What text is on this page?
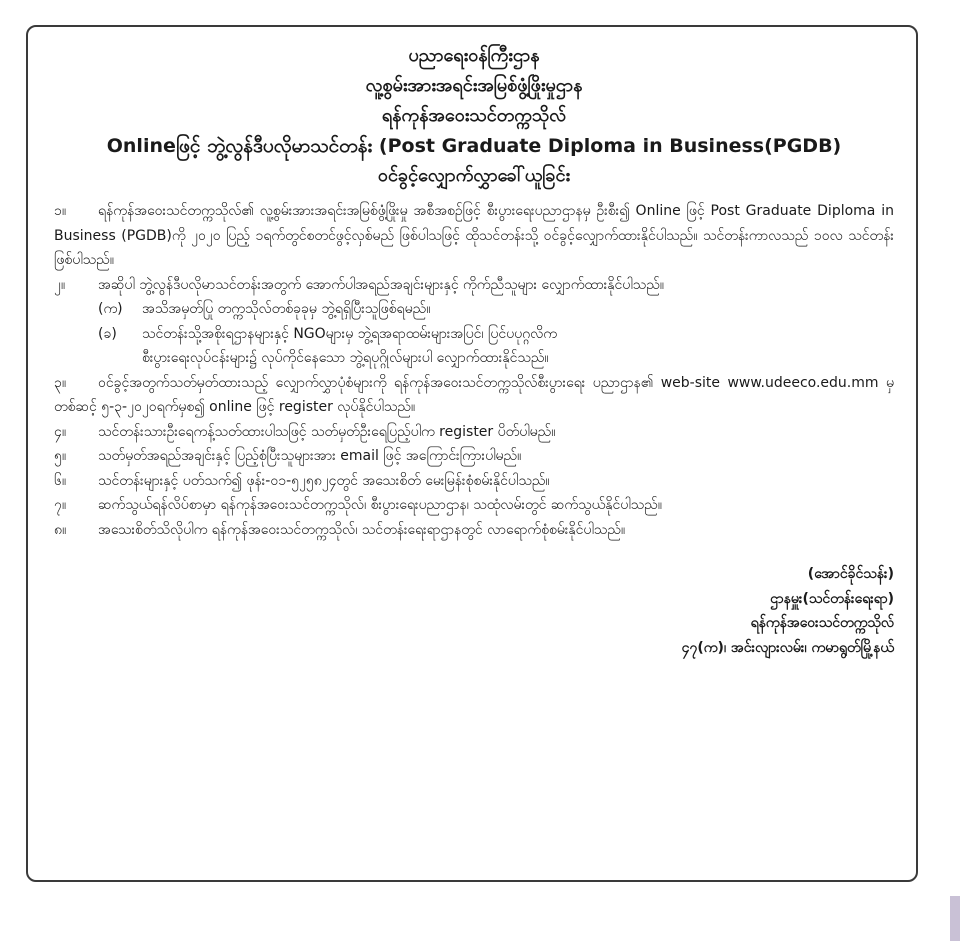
ပညာရေးဝန်ကြီးဌာန
လူ့စွမ်းအားအရင်းအမြစ်ဖွံ့ဖြိုးမှုဌာန
ရန်ကုန်အဝေးသင်တက္ကသိုလ်
Onlineဖြင့် ဘွဲ့လွန်ဒီပလိုမာသင်တန်း (Post Graduate Diploma in Business(PGDB)
ဝင်ခွင့်လျှောက်လွှာခေါ်ယူခြင်း
၁။ ရန်ကုန်အဝေးသင်တက္ကသိုလ်၏ လူ့စွမ်းအားအရင်းအမြစ်ဖွံ့ဖြိုးမှု အစီအစဉ်ဖြင့် စီးပွားရေးပညာဌာနမှ ဦးစီး၍ Online ဖြင့် Post Graduate Diploma in Business (PGDB)ကို ၂၀၂၀ ပြည့် ၁ရက်တွင်စတင်ဖွင့်လှစ်မည် ဖြစ်ပါသဖြင့် ထိုသင်တန်းသို့ ဝင်ခွင့်လျှောက်ထားနိုင်ပါသည်။ သင်တန်းကာလသည် ၁၀လ သင်တန်းဖြစ်ပါသည်။
၂။ အဆိုပါ ဘွဲ့လွန်ဒီပလိုမာသင်တန်းအတွက် အောက်ပါအရည်အချင်းများနှင့် ကိုက်ညီသူများ လျှောက်ထားနိုင်ပါသည်။
(က) အသိအမှတ်ပြု တက္ကသိုလ်တစ်ခုခုမှ ဘွဲ့ရရှိပြီးသူဖြစ်ရမည်။
(ခ) သင်တန်းသို့အစိုးရဌာနများနှင့် NGOများမှ ဘွဲ့ရအရာထမ်းများအပြင်၊ ပြင်ပပုဂ္ဂလိက
စီးပွားရေးလုပ်ငန်းများ၌ လုပ်ကိုင်နေသော ဘွဲ့ရပုဂ္ဂိုလ်များပါ လျှောက်ထားနိုင်သည်။
၃။ ဝင်ခွင့်အတွက်သတ်မှတ်ထားသည့် လျှောက်လွှာပုံစံများကို ရန်ကုန်အဝေးသင်တက္ကသိုလ်စီးပွားရေး ပညာဌာန၏ web-site www.udeeco.edu.mm မှတစ်ဆင့် ၅-၃-၂၀၂၀ရက်မှစ၍ online ဖြင့် register လုပ်နိုင်ပါသည်။
၄။ သင်တန်းသားဦးရေကန့်သတ်ထားပါသဖြင့် သတ်မှတ်ဦးရေပြည့်ပါက register ပိတ်ပါမည်။
၅။ သတ်မှတ်အရည်အချင်းနှင့် ပြည့်စုံပြီးသူများအား email ဖြင့် အကြောင်းကြားပါမည်။
၆။ သင်တန်းများနှင့် ပတ်သက်၍ ဖုန်း-၀၁-၅၂၅၈၂၄တွင် အသေးစိတ် မေးမြန်းစုံစမ်းနိုင်ပါသည်။
၇။ ဆက်သွယ်ရန်လိပ်စာမှာ ရန်ကုန်အဝေးသင်တက္ကသိုလ်၊ စီးပွားရေးပညာဌာန၊ သထုံလမ်းတွင် ဆက်သွယ်နိုင်ပါသည်။
၈။ အသေးစိတ်သိလိုပါက ရန်ကုန်အဝေးသင်တက္ကသိုလ်၊ သင်တန်းရေးရာဌာနတွင် လာရောက်စုံစမ်းနိုင်ပါသည်။
(အောင်ခိုင်သန်း)
ဌာနမှူး(သင်တန်းရေးရာ)
ရန်ကုန်အဝေးသင်တက္ကသိုလ်
၄၇(က)၊ အင်းလျားလမ်း၊ ကမာရွတ်မြို့နယ်
